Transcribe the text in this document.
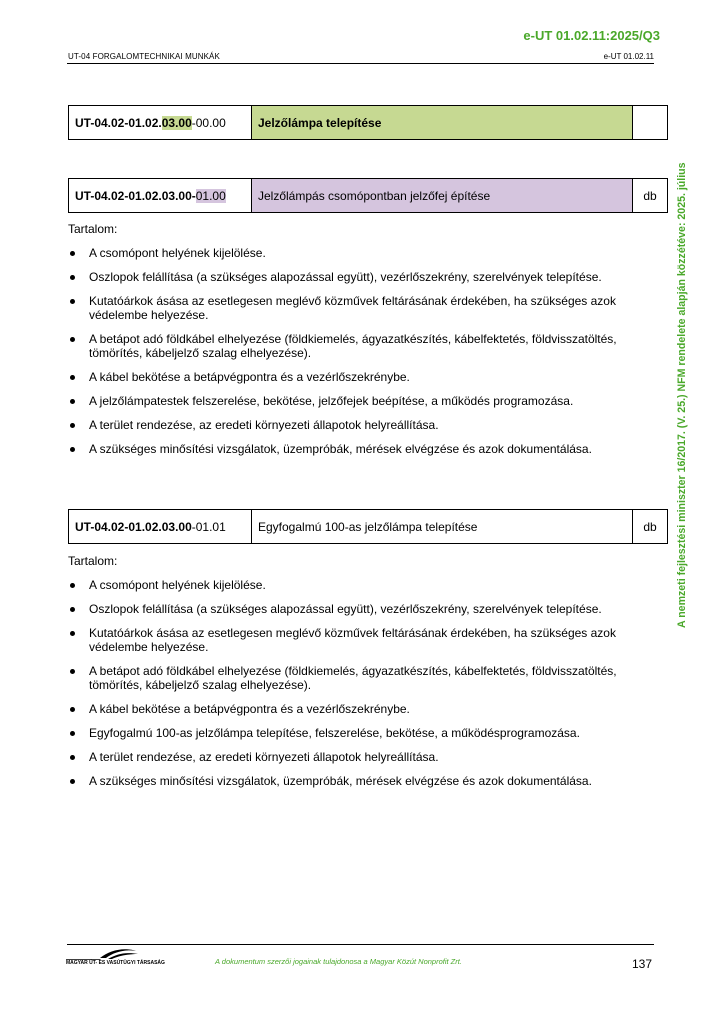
e-UT 01.02.11:2025/Q3
UT-04 FORGALOMTECHNIKAI MUNKÁK	e-UT 01.02.11
A nemzeti fejlesztési miniszter 16/2017. (V. 25.) NFM rendelete alapján közzétéve: 2025. július
UT-04.02-01.02.03.00-00.00	Jelzőlámpa telepítése	
UT-04.02-01.02.03.00-01.00	Jelzőlámpás csomópontban jelzőfej építése	db
Tartalom:
A csomópont helyének kijelölése.
Oszlopok felállítása (a szükséges alapozással együtt), vezérlőszekrény, szerelvények telepítése.
Kutatóárkok ásása az esetlegesen meglévő közművek feltárásának érdekében, ha szükséges azok védelembe helyezése.
A betápot adó földkábel elhelyezése (földkiemelés, ágyazatkészítés, kábelfektetés, földvisszatöltés, tömörítés, kábeljelző szalag elhelyezése).
A kábel bekötése a betápvégpontra és a vezérlőszekrénybe.
A jelzőlámpatestek felszerelése, bekötése, jelzőfejek beépítése, a működés programozása.
A terület rendezése, az eredeti környezeti állapotok helyreállítása.
A szükséges minősítési vizsgálatok, üzempróbák, mérések elvégzése és azok dokumentálása.
UT-04.02-01.02.03.00-01.01	Egyfogalmú 100-as jelzőlámpa telepítése	db
Tartalom:
A csomópont helyének kijelölése.
Oszlopok felállítása (a szükséges alapozással együtt), vezérlőszekrény, szerelvények telepítése.
Kutatóárkok ásása az esetlegesen meglévő közművek feltárásának érdekében, ha szükséges azok védelembe helyezése.
A betápot adó földkábel elhelyezése (földkiemelés, ágyazatkészítés, kábelfektetés, földvisszatöltés, tömörítés, kábeljelző szalag elhelyezése).
A kábel bekötése a betápvégpontra és a vezérlőszekrénybe.
Egyfogalmú 100-as jelzőlámpa telepítése, felszerelése, bekötése, a működésprogramozása.
A terület rendezése, az eredeti környezeti állapotok helyreállítása.
A szükséges minősítési vizsgálatok, üzempróbák, mérések elvégzése és azok dokumentálása.
MAGYAR ÚT- ÉS VASÚTÜGYI TÁRSASÁG	A dokumentum szerzői jogainak tulajdonosa a Magyar Közút Nonprofit Zrt.	137
